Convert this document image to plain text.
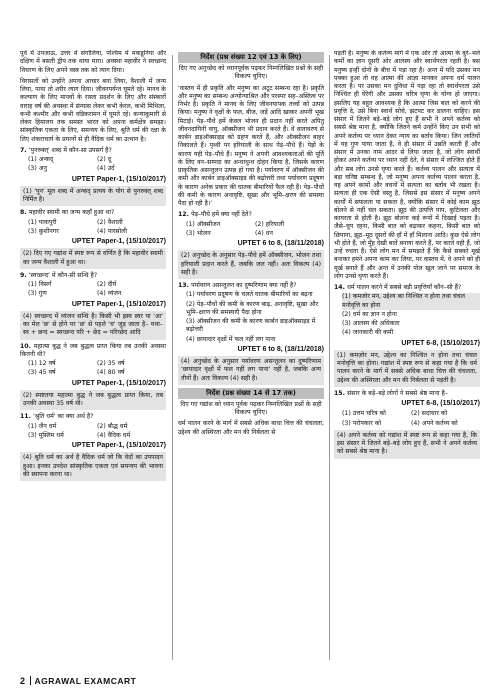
पूर्व में उपजाऊ, उत्तर में संगोलिया, पश्चिम में मकडूनिया और दक्षिण में बसती द्वीप तक थाया मारा। अवस्था महावीर ने स्वच्छन्द विचरण के लिए अपने वस्त्र तक को त्याग दिया।

विरासतों को उन्होंने अपना आचार बना लिया, वैशाली में जन्म लिया, पाया तो शरीर त्याग दिया। जीवनपर्यन्त घूमते रहे। मानव के कल्याण के लिए मानवों के रास्ता प्रदर्शन के लिए और संस्कारों वाराह वर्ष की अवस्था में संन्यास लेकर कभी केरल, कभी मिथिला, कभी कश्मीर और कभी वडिकरामन में घूमते रहे। कन्याकुमारी से लेकर हिमालय तक समस्त भारत को अपना कर्मक्षेत्र समझा। सांस्कृतिक एकता के लिए, समन्वय के लिए, श्रुति धर्म की रक्षा के लिए शंकराचार्य के प्रयत्नों से ही वैदिक धर्म का उत्थान है।

7. 'पुनरुक्त्' शब्द में कौन-सा उपसर्ग है?
(1) अन्कद्	(2) दू
(3) अनु	(4) उर्द
UPTET Paper-1, (15/10/2017)
(1) 'पुन' मूल शब्द में अन्कद्‌ प्रत्यय के योग से पुनरुक्त्‌ शब्द निर्मित है।
8. महावीर स्वामी का जन्म कहाँ हुआ था?
(1) पावापुरी	(2) वैशाली
(3) कुशीनगर	(4) पारसोली
UPTET Paper-1, (15/10/2017)
(2) दिए गए गद्यांश में स्पष्ट रूप से वर्णित है कि महावीर स्वामी का जन्म वैशाली में हुआ था।
9. 'स्वच्छन्द' में कौन-सी सन्धि है?
(1) विसर्ग	(2) दीर्घ
(3) गुण	(4) व्यंजन
UPTET Paper-1, (15/10/2017)
(4) स्वच्छन्द में व्यंजन सन्धि है। किसी भी ह्रस्व स्वर या 'आ' का मेल 'छ' से होने पर 'छ' से पहले 'च' जुड़ जाता है– यथा– स्व + छन्द = स्वच्छन्द परि + छेद = परिच्छेद आदि
10. महात्मा बुद्ध ने जब बुद्धत्व प्राप्त किया तब उनकी अवस्था कितनी थी?
(1) 12 वर्ष	(2) 35 वर्ष
(3) 45 वर्ष	(4) 80 वर्ष
UPTET Paper-1, (15/10/2017)
(2) स्पष्टतया महात्मा बुद्ध ने जब बुद्धत्व प्राप्त किया, तब उनकी अवस्था 35 वर्ष थी।
11. 'श्रुति धर्म' का क्या अर्थ है?
(1) जैन धर्म	(2) बौद्ध धर्म
(3) मुस्लिम धर्म	(4) वैदिक धर्म
UPTET Paper-1, (15/10/2017)
(4) श्रुति धर्म का अर्थ है वैदिक धर्म जो कि वेदों का उपपादन हुआ। इनका उपदेश सांस्कृतिक एकता एवं समन्वय की भावना की स्थापना करना था।
निर्देश (प्रश्न संख्या 12 एवं 13 के लिए)
दिए गए अनुच्छेद को ध्यानपूर्वक पढ़कर निम्नलिखित प्रश्नों के सही विकल्प चुनिए।

'वास्तव में ही प्रकृति और मनुष्य का अटूट सम्बन्ध रहा है। प्रकृति और मनुष्य का सम्बन्ध अन्योन्याश्रित और परस्पर सह–अस्तित्व पर निर्भर है। प्रकृति ने मानव के लिए जीवनयापक तत्त्वों को उत्पन्न किया। मनुष्य ने वृक्षों के फल, बीज, जड़ें आदि खाकर अपनी भूख मिटाई। पेड़–पौधे हमें केवल भोजन ही प्रदान नहीं करते अपितु जीवनदायिनी वायु, ऑक्सीजन भी प्रदान करते हैं। वे वातावरण से कार्बन डाइऑक्साइड को ग्रहण करते हैं, और ऑक्सीजन बाहर निकालते हैं। पृथ्वी पर हरियाली के साथ पेड़–पौधे हैं। पेड़ों के कारण यही पेड़–पौधे हैं। मनुष्य ने अपनी आवश्यकताओं की पूर्ति के लिए वन–सम्पदा का अन्धाधुन्ध दोहन किया है, जिसके कारण प्राकृतिक असन्तुलन उत्पन्न हो गया है। पर्यावरण में ऑक्सीजन की कमी और कार्बन डाइऑक्साइड की बढ़ोत्तरी तथा पर्यावरण प्रदूषण के कारण अनेक प्रकार की घातक बीमारियों फैल रही हैं। पेड़–पौधों की कमी के कारण अनावृष्टि, सूखा और भूमि–क्षरण की समस्या पैदा हो रही है।'

12. पेड़–पौधे हमें क्या नहीं देते?
(1) ऑक्सीजन	(2) हरियाली
(3) भोजन	(4) धन
UPTET 6 to 8, (18/11/2018)
(2) अनुच्छेद के अनुसार पेड़–पौधे हमें ऑक्सीजन, भोजन तथा हरियाली प्रदान करते हैं, जबकि जल नहीं। अतः विकल्प (4) सही है।
13. पर्यावरण असन्तुलन का दुष्परिणाम क्या नहीं है?
(1) पर्यावरण प्रदूषण के चलते घातक बीमारियों का बढ़ना
(2) पेड़–पौधों की कमी के कारण बाढ़, अनावृष्टि, सूखा और भूमि–क्षरण की समस्याएँ पैदा होना
(3) ऑक्सीजन की कमी के कारण कार्बन डाइऑक्साइड में बढ़ोत्तरी
(4) छायादार वृक्षों में फल नहीं लग पाना
UPTET 6 to 8, (18/11/2018)
(4) अनुच्छेद के अनुसार पर्यावरण असन्तुलन का दुष्परिणाम 'छायादार वृक्षों में फल नहीं लग पाना' नहीं है, जबकि अन्य तीनों हैं। अतः विकल्प (4) सही है।
निर्देश (प्रश्न संख्या 14 से 17 तक)
दिए गए गद्यांश को ध्यान पूर्वक पढ़कर निम्नलिखित प्रश्नों के सही विकल्प चुनिए।

धर्म पालन करने के मार्ग में सबसे अधिक बाधा चित्त की चंचलता, उद्देश्य की अस्थिरता और मन की निर्बलता से

पड़ती है। मनुष्य के कर्तव्य मार्ग में एक ओर तो आत्मा के बुरे–भले कर्मों का ज्ञान दूसरी ओर आलस्य और स्वार्थपरता रहती है। बस मनुष्य इन्हीं दोनों के बीच में पड़ा रहा है। अन्त में यदि उसका मन पक्का हुआ तो वह आत्मा की आज्ञा मानकर अपना धर्म पालन करता है। पर उसका मन दुविधा में पड़ा रहा तो स्वार्थपरता उसे निश्चित ही घेरेगी और उसका चरित्र घृणा के योग्य हो जाएगा। इसलिए यह बहुत आवश्यक है कि आत्मा जिस बात को करने की प्रवृत्ति दे, उसे बिना स्वार्थ सोचे, झटपट कर डालना चाहिए। इस संसार में जितने बड़े–बड़े लोग हुए हैं सभी ने अपने कर्तव्य को सबसे श्रेष्ठ माना है, क्योंकि जितने कर्म उन्होंने किए उन सभी को अपने कर्तव्य पर ध्यान देकर न्याय का बर्ताव किया। जिन जातियों में यह गुण पाया जाता है, वे ही संसार में उन्नति करती हैं और संसार में उनका नाम आदर से लिया जाता है, जो लोग स्वार्थी होकर अपने कर्तव्य पर ध्यान नहीं देते, वे संसार में लज्जित होते हैं और सब लोग उनसे घृणा करते हैं। कर्तव्य पालन और सत्यता में बड़ा घनिष्ठ सम्बन्ध है, जो मनुष्य अपना कर्तव्य पालन करता है, वह अपने कामों और वचनों में सत्यता का बर्ताव भी रखता है। सत्यता ही एक ऐसी वस्तु है, जिससे इस संसार में मनुष्य अपने कार्यों में सफलता पा सकता है, क्योंकि संसार में कोई काम झूठ बोलने से नहीं चल सकता। झूठ की उत्पत्ति पाप, कुटिलता और कायरता से होती है। झूठ बोलना कई रूपों में दिखाई पड़ता है। जैसे–चुप रहना, किसी बात को बढ़ाकर कहना, किसी बात को छिपाना, झूठ–मूठ दूसरों की हाँ में हाँ मिलाना आदि। कुछ ऐसे लोग भी होते हैं, जो मुँह देखी बातें बनाया करते हैं, पर करते वही हैं, जो उन्हें रुचता है। ऐसे लोग मन में समझते हैं कि कैसे सबको मूर्ख बनाकर हमने अपना काम कर लिया, पर वास्तव में, वे अपने को ही मूर्ख बनाते हैं और अन्त में उनकी पोल खुल जाने पर समाज के लोग उनसे घृणा करते हैं।

14. धर्म पालन करने में सबसे बड़ी प्रवृत्तियाँ कौन–सी हैं?
(1) कमजोर मन, उद्देश्य का निश्चित न होना तथा चंचल मनोवृत्ति का होना
(2) धर्म का ज्ञान न होना
(3) आलस्य की अधिकता
(4) जानकारी की कमी
UPTET 6-8, (15/10/2017)
(1) कमज़ोर मन, उद्देश्य का निश्चित न होना तथा चंचल मनोवृत्ति का होना। गद्यांश में स्पष्ट रूप से कहा गया है कि धर्म पालन करने के मार्ग में सबसे अधिक बाधा चित्त की चंचलता, उद्देश्य की अस्थिरता और मन की निर्बलता से पड़ती है।
15. संसार के बड़े–बड़े लोगों ने सबसे श्रेष्ठ माना है–
UPTET 6-8, (15/10/2017)
(1) उत्तम चरित्र को	(2) सदाचार को
(3) परोपकार को	(4) अपने कर्तव्य को
(4) अपने कर्तव्य को गद्यांश में स्पष्ट रूप से कहा गया है, कि इस संसार में जितने बड़े–बड़े लोग हुए हैं, सभी ने अपने कर्तव्य को सबसे श्रेष्ठ माना है।
2 AGRAWAL EXAMCART
